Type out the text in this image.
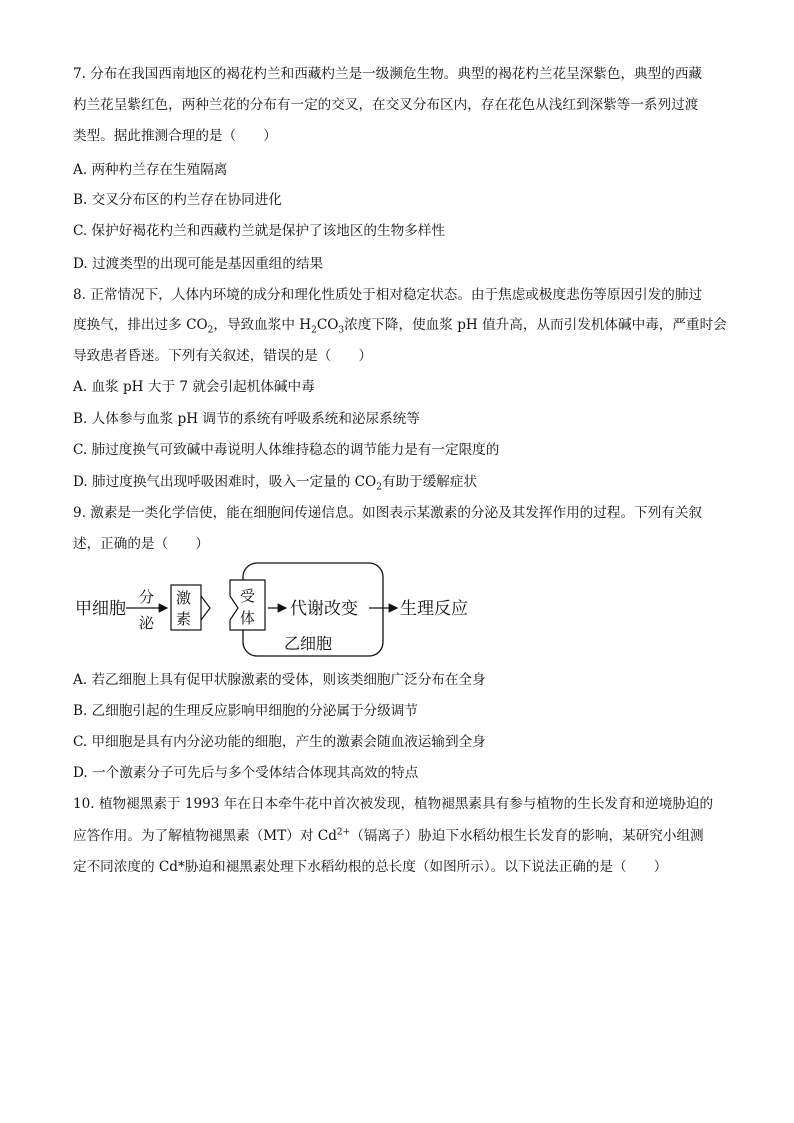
7. 分布在我国西南地区的褐花杓兰和西藏杓兰是一级濒危生物。典型的褐花杓兰花呈深紫色，典型的西藏
杓兰花呈紫红色，两种兰花的分布有一定的交叉，在交叉分布区内，存在花色从浅红到深紫等一系列过渡
类型。据此推测合理的是（　　）
A. 两种杓兰存在生殖隔离
B. 交叉分布区的杓兰存在协同进化
C. 保护好褐花杓兰和西藏杓兰就是保护了该地区的生物多样性
D. 过渡类型的出现可能是基因重组的结果
8. 正常情况下，人体内环境的成分和理化性质处于相对稳定状态。由于焦虑或极度悲伤等原因引发的肺过
度换气，排出过多 $CO_2$，导致血浆中 $H_2CO_3$浓度下降，使血浆 pH 值升高，从而引发机体碱中毒，严重时会
导致患者昏迷。下列有关叙述，错误的是（　　）
A. 血浆 pH 大于 7 就会引起机体碱中毒
B. 人体参与血浆 pH 调节的系统有呼吸系统和泌尿系统等
C. 肺过度换气可致碱中毒说明人体维持稳态的调节能力是有一定限度的
D. 肺过度换气出现呼吸困难时，吸入一定量的 $CO_2$有助于缓解症状
9. 激素是一类化学信使，能在细胞间传递信息。如图表示某激素的分泌及其发挥作用的过程。下列有关叙
述，正确的是（　　）
甲细胞
分
泌
激
素
受
体 代谢改变
乙细胞
生理反应
A. 若乙细胞上具有促甲状腺激素的受体，则该类细胞广泛分布在全身
B. 乙细胞引起的生理反应影响甲细胞的分泌属于分级调节
C. 甲细胞是具有内分泌功能的细胞，产生的激素会随血液运输到全身
D. 一个激素分子可先后与多个受体结合体现其高效的特点
10. 植物褪黑素于 1993 年在日本牵牛花中首次被发现，植物褪黑素具有参与植物的生长发育和逆境胁迫的
应答作用。为了解植物褪黑素（MT）对 $Cd^{2+}$（镉离子）胁迫下水稻幼根生长发育的影响，某研究小组测
定不同浓度的 Cd*胁迫和褪黑素处理下水稻幼根的总长度（如图所示）。以下说法正确的是（　　）
